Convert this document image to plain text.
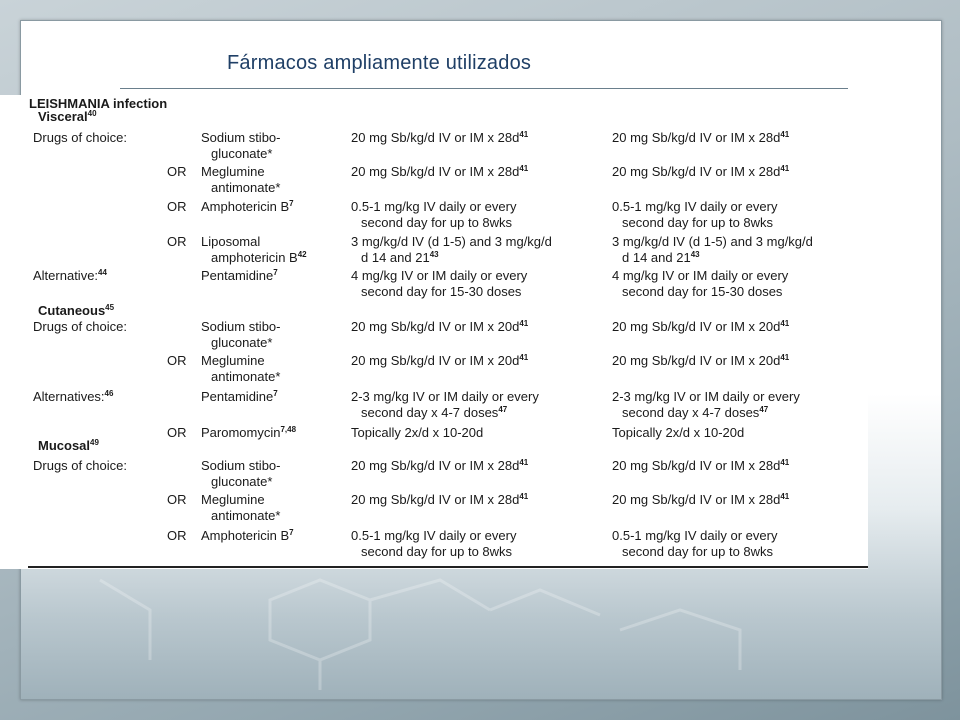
Fármacos ampliamente utilizados
LEISHMANIA infection
Visceral$^{40}$
Drugs of choice:	Sodium stibo-	20 mg Sb/kg/d IV or IM x $28d^{41}$	20 mg Sb/kg/d IV or IM x $28d^{41}$
gluconate*
OR Meglumine	20 mg Sb/kg/d IV or IM x $28d^{41}$	20 mg Sb/kg/d IV or IM x $28d^{41}$
antimonate*
OR Amphotericin $B^7$	0.5-1 mg/kg IV daily or every	0.5-1 mg/kg IV daily or every
second day for up to 8wks	second day for up to 8wks
OR Liposomal	3 mg/kg/d IV (d 1-5) and 3 mg/kg/d	3 mg/kg/d IV (d 1-5) and 3 mg/kg/d
amphotericin $B^{42}$	d 14 and $21^{43}$	d 14 and $21^{43}$
Alternative:$^{44}$	Pentamidine$^7$	4 mg/kg IV or IM daily or every	4 mg/kg IV or IM daily or every
second day for 15-30 doses	second day for 15-30 doses
Cutaneous$^{45}$
Drugs of choice:	Sodium stibo-	20 mg Sb/kg/d IV or IM x $20d^{41}$	20 mg Sb/kg/d IV or IM x $20d^{41}$
gluconate*
OR Meglumine	20 mg Sb/kg/d IV or IM x $20d^{41}$	20 mg Sb/kg/d IV or IM x $20d^{41}$
antimonate*
Alternatives:$^{46}$	Pentamidine$^7$	2-3 mg/kg IV or IM daily or every	2-3 mg/kg IV or IM daily or every
second day x 4-7 doses$^{47}$	second day x 4-7 doses$^{47}$
OR Paromomycin$^{7,48}$	Topically 2x/d x 10-20d	Topically 2x/d x 10-20d
Mucosal$^{49}$
Drugs of choice:	Sodium stibo-	20 mg Sb/kg/d IV or IM x $28d^{41}$	20 mg Sb/kg/d IV or IM x $28d^{41}$
gluconate*
OR Meglumine	20 mg Sb/kg/d IV or IM x $28d^{41}$	20 mg Sb/kg/d IV or IM x $28d^{41}$
antimonate*
OR Amphotericin $B^7$	0.5-1 mg/kg IV daily or every	0.5-1 mg/kg IV daily or every
second day for up to 8wks	second day for up to 8wks
